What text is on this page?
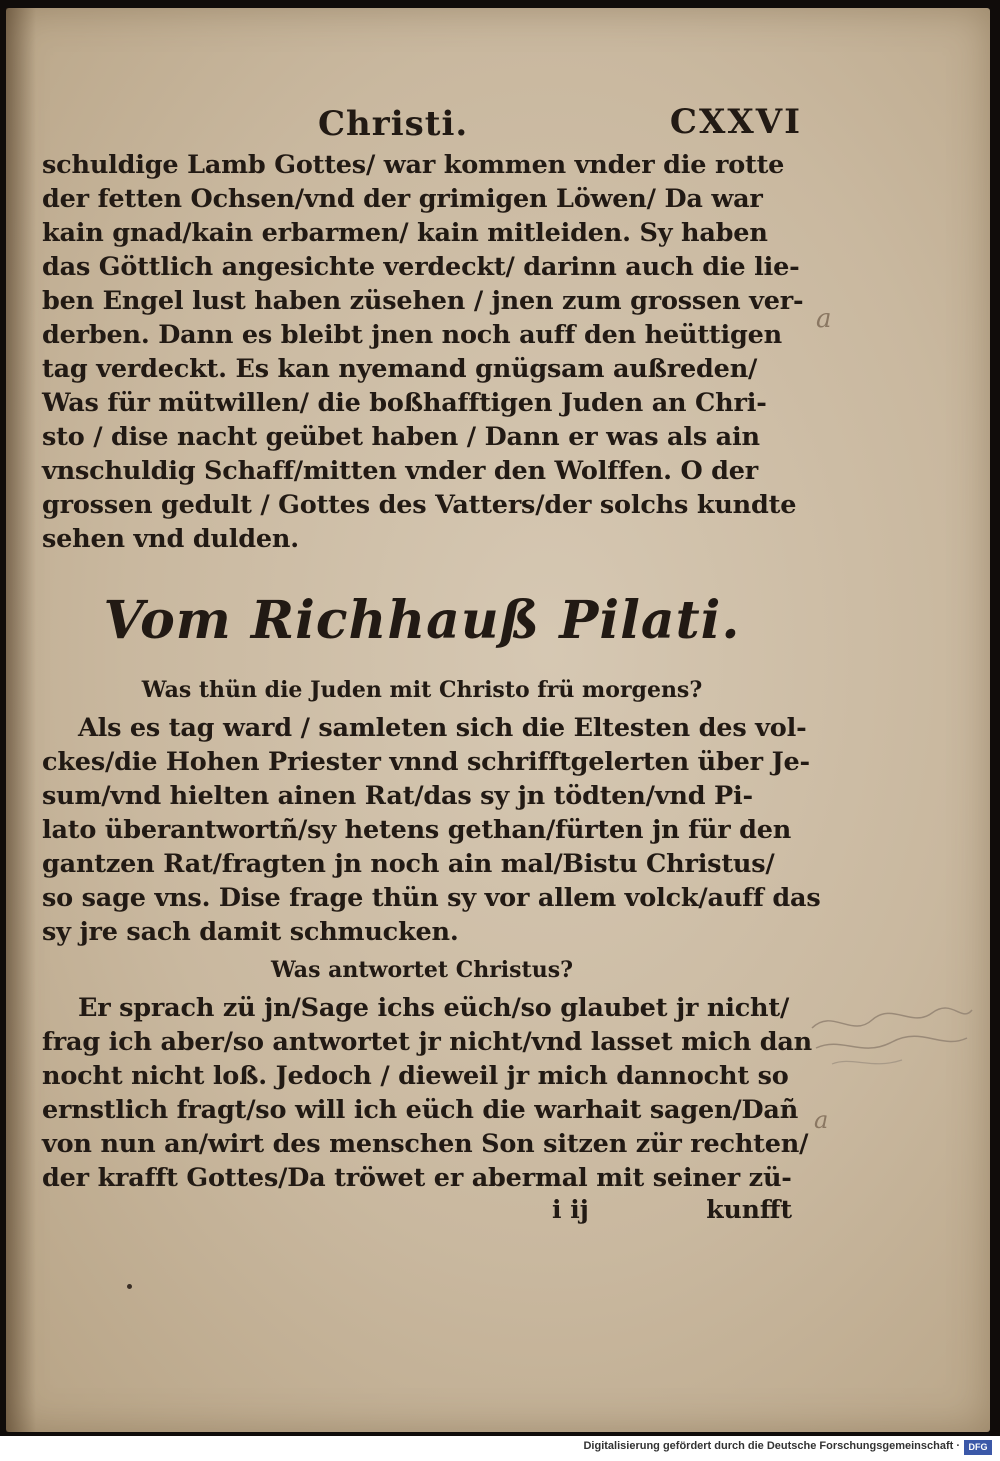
Christi.	CXXVI
schuldige Lamb Gottes/ war kommen vnder die rotte
der fetten Ochsen/vnd der grimigen Löwen/ Da war
kain gnad/kain erbarmen/ kain mitleiden. Sy haben
das Göttlich angesichte verdeckt/ darinn auch die lie-
ben Engel lust haben züsehen / jnen zum grossen ver-
derben. Dann es bleibt jnen noch auff den heüttigen
tag verdeckt. Es kan nyemand gnügsam außreden/
Was für mütwillen/ die boßhafftigen Juden an Chri-
sto / dise nacht geübet haben / Dann er was als ain
vnschuldig Schaff/mitten vnder den Wolffen. O der
grossen gedult / Gottes des Vatters/der solchs kundte
sehen vnd dulden.
Vom Richhauß Pilati.
Was thün die Juden mit Christo frü morgens?
Als es tag ward / samleten sich die Eltesten des vol-
ckes/die Hohen Priester vnnd schrifftgelerten über Je-
sum/vnd hielten ainen Rat/das sy jn tödten/vnd Pi-
lato überantwortñ/sy hetens gethan/fürten jn für den
gantzen Rat/fragten jn noch ain mal/Bistu Christus/
so sage vns. Dise frage thün sy vor allem volck/auff das
sy jre sach damit schmucken.
Was antwortet Christus?
Er sprach zü jn/Sage ichs eüch/so glaubet jr nicht/
frag ich aber/so antwortet jr nicht/vnd lasset mich dan
nocht nicht loß. Jedoch / dieweil jr mich dannocht so
ernstlich fragt/so will ich eüch die warhait sagen/Dañ
von nun an/wirt des menschen Son sitzen zür rechten/
der krafft Gottes/Da tröwet er abermal mit seiner zü-
i ij	kunfft
a
a
Digitalisierung gefördert durch die Deutsche Forschungsgemeinschaft · DFG
